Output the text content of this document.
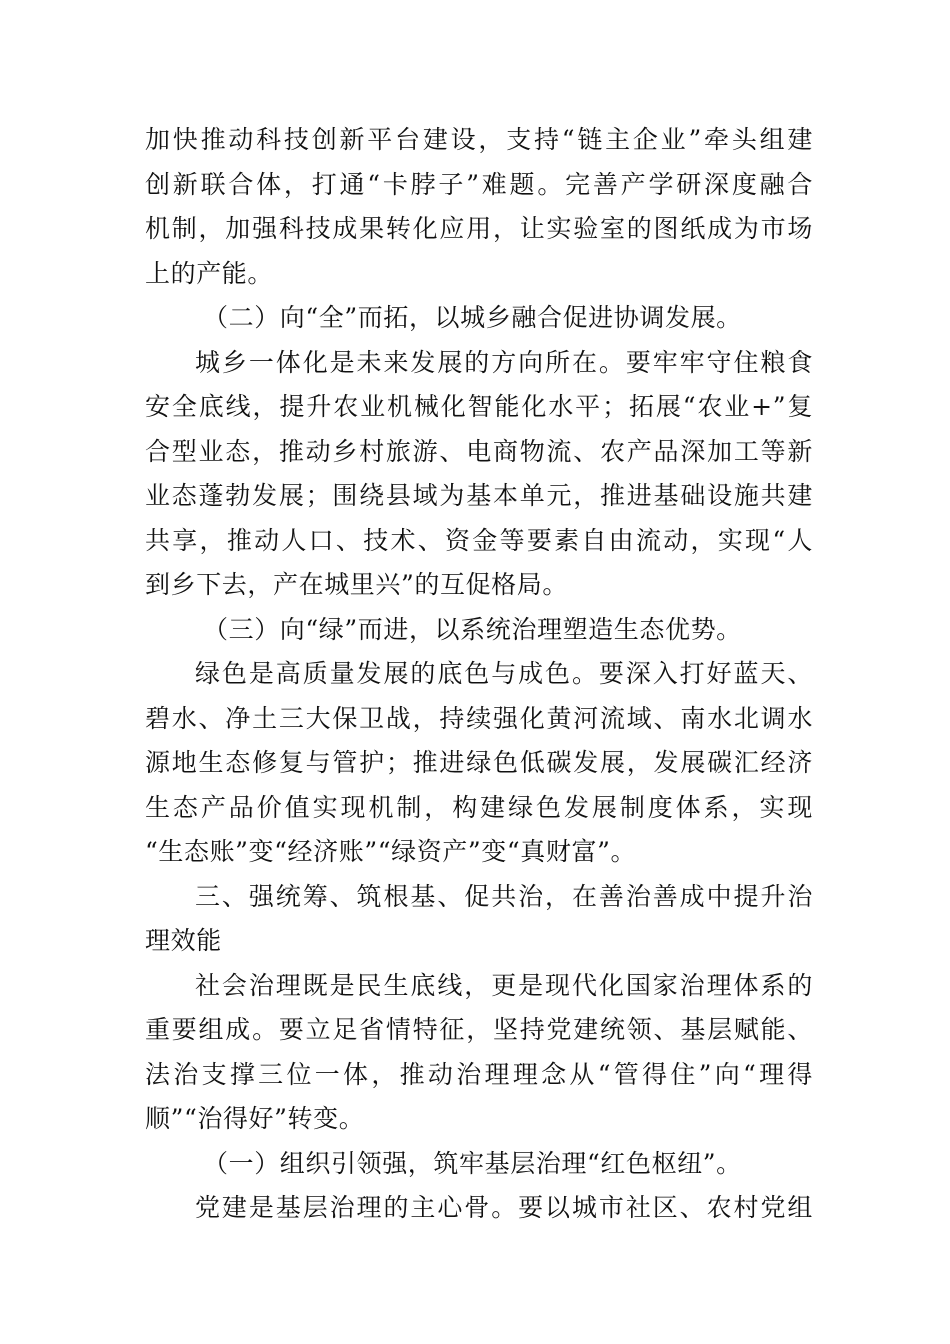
加快推动科技创新平台建设，支持“链主企业”牵头组建
创新联合体，打通“卡脖子”难题。完善产学研深度融合
机制，加强科技成果转化应用，让实验室的图纸成为市场
上的产能。
（二）向“全”而拓，以城乡融合促进协调发展。
城乡一体化是未来发展的方向所在。要牢牢守住粮食
安全底线，提升农业机械化智能化水平；拓展“农业+”复
合型业态，推动乡村旅游、电商物流、农产品深加工等新
业态蓬勃发展；围绕县域为基本单元，推进基础设施共建
共享，推动人口、技术、资金等要素自由流动，实现“人
到乡下去，产在城里兴”的互促格局。
（三）向“绿”而进，以系统治理塑造生态优势。
绿色是高质量发展的底色与成色。要深入打好蓝天、
碧水、净土三大保卫战，持续强化黄河流域、南水北调水
源地生态修复与管护；推进绿色低碳发展，发展碳汇经济
生态产品价值实现机制，构建绿色发展制度体系，实现
“生态账”变“经济账”“绿资产”变“真财富”。
三、强统筹、筑根基、促共治，在善治善成中提升治
理效能
社会治理既是民生底线，更是现代化国家治理体系的
重要组成。要立足省情特征，坚持党建统领、基层赋能、
法治支撑三位一体，推动治理理念从“管得住”向“理得
顺”“治得好”转变。
（一）组织引领强，筑牢基层治理“红色枢纽”。
党建是基层治理的主心骨。要以城市社区、农村党组
